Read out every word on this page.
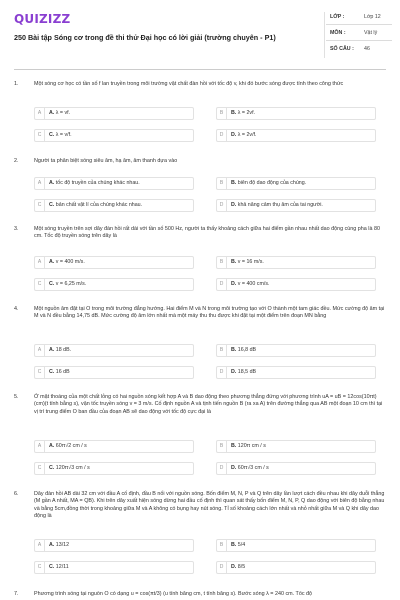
QUIZIZZ
250 Bài tập Sóng cơ trong đề thi thử Đại học có lời giải (trường chuyên - P1)
LỚP :	Lớp 12
MÔN :	Vật lý
SỐ CÂU : 46
1.	Một sóng cơ học có tần số f lan truyền trong môi trường vật chất đàn hồi với tốc độ v, khi đó bước sóng được tính theo công thức
A	A. λ = vf.	B	B. λ = 2vf.
C	C. λ = v/f.	D	D. λ = 2v/f.
2.	Người ta phân biệt sóng siêu âm, hạ âm, âm thanh dựa vào
A	A. tốc độ truyền của chúng khác nhau.	B	B. biên độ dao động của chúng.
C	C. bản chất vật lí của chúng khác nhau.	D	D. khả năng cảm thụ âm của tai người.
3.	Một sóng truyền trên sợi dây đàn hồi rất dài với tần số 500 Hz, người ta thấy khoảng cách giữa hai điểm gần nhau nhất dao động cùng pha là 80 cm. Tốc độ truyền sóng trên dây là
A	A. v = 400 m/s.	B	B. v = 16 m/s.
C	C. v = 6,25 m/s.	D	D. v = 400 cm/s.
4.	Một nguồn âm đặt tại O trong môi trường đẳng hướng. Hai điểm M và N trong môi trường tạo với O thành một tam giác đều. Mức cường độ âm tại M và N đều bằng 14,75 dB. Mức cường độ âm lớn nhất mà một máy thu thu được khi đặt tại một điểm trên đoạn MN bằng
A	A. 18 dB.	B	B. 16,8 dB
C	C. 16 dB	D	D. 18,5 dB
5.	Ở mặt thoáng của một chất lỏng có hai nguồn sóng kết hợp A và B dao động theo phương thẳng đứng với phương trình uA = uB = 12cos(10πt) (cm)(t tính bằng s), vận tốc truyền sóng v = 3 m/s. Cố định nguồn A và tịnh tiến nguồn B (ra xa A) trên đường thẳng qua AB một đoạn 10 cm thì tại vị trí trung điểm O ban đầu của đoạn AB sẽ dao động với tốc độ cực đại là
A	A. 60π√2 cm / s	B	B. 120π cm / s
C	C. 120π√3 cm / s	D	D. 60π√3 cm / s
6.	Dây đàn hồi AB dài 32 cm với đầu A cố định, đầu B nối với nguồn sóng. Bốn điểm M, N, P và Q trên dây lần lượt cách đều nhau khi dây duỗi thẳng (M gần A nhất, MA = QB). Khi trên dây xuất hiện sóng dừng hai đầu cố định thì quan sát thấy bốn điểm M, N, P, Q dao động với biên độ bằng nhau và bằng 5cm,đồng thời trong khoảng giữa M và A không có bụng hay nút sóng. Tỉ số khoảng cách lớn nhất và nhỏ nhất giữa M và Q khi dây dao động là
A	A. 13/12	B	B. 5/4
C	C. 12/11	D	D. 8/5
7.	Phương trình sóng tại nguồn O có dạng u = cos(πt/3) (u tính bằng cm, t tính bằng s). Bước sóng λ = 240 cm. Tốc độ
